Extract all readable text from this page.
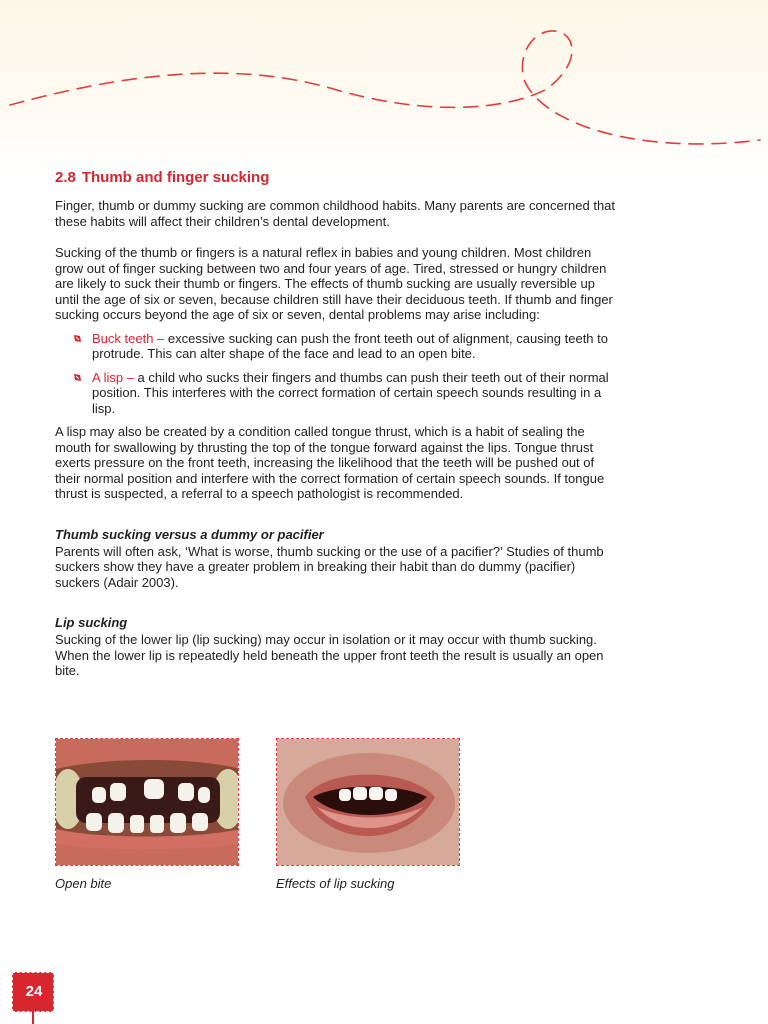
2.8 Thumb and finger sucking

Finger, thumb or dummy sucking are common childhood habits. Many parents are concerned that these habits will affect their children’s dental development.

Sucking of the thumb or fingers is a natural reflex in babies and young children. Most children grow out of finger sucking between two and four years of age. Tired, stressed or hungry children are likely to suck their thumb or fingers. The effects of thumb sucking are usually reversible up until the age of six or seven, because children still have their deciduous teeth. If thumb and finger sucking occurs beyond the age of six or seven, dental problems may arise including:

Buck teeth – excessive sucking can push the front teeth out of alignment, causing teeth to protrude. This can alter shape of the face and lead to an open bite.
A lisp – a child who sucks their fingers and thumbs can push their teeth out of their normal position. This interferes with the correct formation of certain speech sounds resulting in a lisp.

A lisp may also be created by a condition called tongue thrust, which is a habit of sealing the mouth for swallowing by thrusting the top of the tongue forward against the lips. Tongue thrust exerts pressure on the front teeth, increasing the likelihood that the teeth will be pushed out of their normal position and interfere with the correct formation of certain speech sounds. If tongue thrust is suspected, a referral to a speech pathologist is recommended.

Thumb sucking versus a dummy or pacifier

Parents will often ask, ‘What is worse, thumb sucking or the use of a pacifier?’ Studies of thumb suckers show they have a greater problem in breaking their habit than do dummy (pacifier) suckers (Adair 2003).

Lip sucking

Sucking of the lower lip (lip sucking) may occur in isolation or it may occur with thumb sucking. When the lower lip is repeatedly held beneath the upper front teeth the result is usually an open bite.

Open bite	Effects of lip sucking
24
